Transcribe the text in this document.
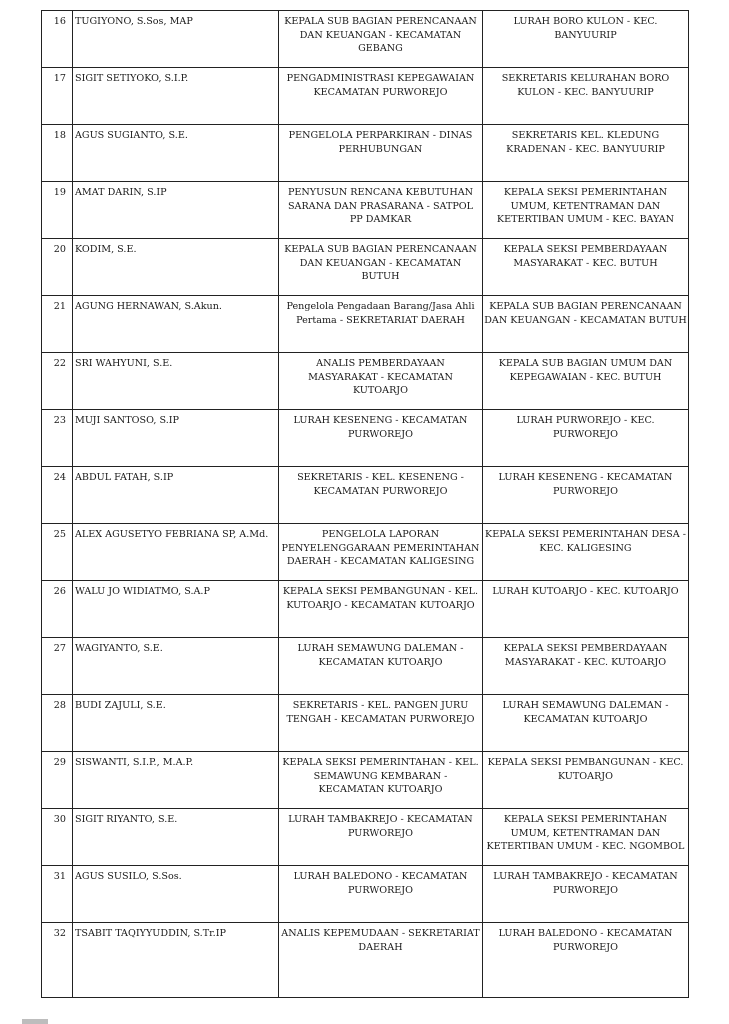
16	TUGIYONO, S.Sos, MAP	KEPALA SUB BAGIAN PERENCANAAN DAN KEUANGAN - KECAMATAN GEBANG	LURAH BORO KULON - KEC. BANYUURIP
17	SIGIT SETIYOKO, S.I.P.	PENGADMINISTRASI KEPEGAWAIAN KECAMATAN PURWOREJO	SEKRETARIS KELURAHAN BORO KULON - KEC. BANYUURIP
18	AGUS SUGIANTO, S.E.	PENGELOLA PERPARKIRAN - DINAS PERHUBUNGAN	SEKRETARIS KEL. KLEDUNG KRADENAN - KEC. BANYUURIP
19	AMAT DARIN, S.IP	PENYUSUN RENCANA KEBUTUHAN SARANA DAN PRASARANA - SATPOL PP DAMKAR	KEPALA SEKSI PEMERINTAHAN UMUM, KETENTRAMAN DAN KETERTIBAN UMUM - KEC. BAYAN
20	KODIM, S.E.	KEPALA SUB BAGIAN PERENCANAAN DAN KEUANGAN - KECAMATAN BUTUH	KEPALA SEKSI PEMBERDAYAAN MASYARAKAT - KEC. BUTUH
21	AGUNG HERNAWAN, S.Akun.	Pengelola Pengadaan Barang/Jasa Ahli Pertama - SEKRETARIAT DAERAH	KEPALA SUB BAGIAN PERENCANAAN DAN KEUANGAN - KECAMATAN BUTUH
22	SRI WAHYUNI, S.E.	ANALIS PEMBERDAYAAN MASYARAKAT - KECAMATAN KUTOARJO	KEPALA SUB BAGIAN UMUM DAN KEPEGAWAIAN - KEC. BUTUH
23	MUJI SANTOSO, S.IP	LURAH KESENENG - KECAMATAN PURWOREJO	LURAH PURWOREJO - KEC. PURWOREJO
24	ABDUL FATAH, S.IP	SEKRETARIS - KEL. KESENENG - KECAMATAN PURWOREJO	LURAH KESENENG - KECAMATAN PURWOREJO
25	ALEX AGUSETYO FEBRIANA SP, A.Md.	PENGELOLA LAPORAN PENYELENGGARAAN PEMERINTAHAN DAERAH - KECAMATAN KALIGESING	KEPALA SEKSI PEMERINTAHAN DESA - KEC. KALIGESING
26	WALU JO WIDIATMO, S.A.P	KEPALA SEKSI PEMBANGUNAN - KEL. KUTOARJO - KECAMATAN KUTOARJO	LURAH KUTOARJO - KEC. KUTOARJO
27	WAGIYANTO, S.E.	LURAH SEMAWUNG DALEMAN - KECAMATAN KUTOARJO	KEPALA SEKSI PEMBERDAYAAN MASYARAKAT - KEC. KUTOARJO
28	BUDI ZAJULI, S.E.	SEKRETARIS - KEL. PANGEN JURU TENGAH - KECAMATAN PURWOREJO	LURAH SEMAWUNG DALEMAN - KECAMATAN KUTOARJO
29	SISWANTI, S.I.P., M.A.P.	KEPALA SEKSI PEMERINTAHAN - KEL. SEMAWUNG KEMBARAN - KECAMATAN KUTOARJO	KEPALA SEKSI PEMBANGUNAN - KEC. KUTOARJO
30	SIGIT RIYANTO, S.E.	LURAH TAMBAKREJO - KECAMATAN PURWOREJO	KEPALA SEKSI PEMERINTAHAN UMUM, KETENTRAMAN DAN KETERTIBAN UMUM - KEC. NGOMBOL
31	AGUS SUSILO, S.Sos.	LURAH BALEDONO - KECAMATAN PURWOREJO	LURAH TAMBAKREJO - KECAMATAN PURWOREJO
32	TSABIT TAQIYYUDDIN, S.Tr.IP	ANALIS KEPEMUDAAN - SEKRETARIAT DAERAH	LURAH BALEDONO - KECAMATAN PURWOREJO
